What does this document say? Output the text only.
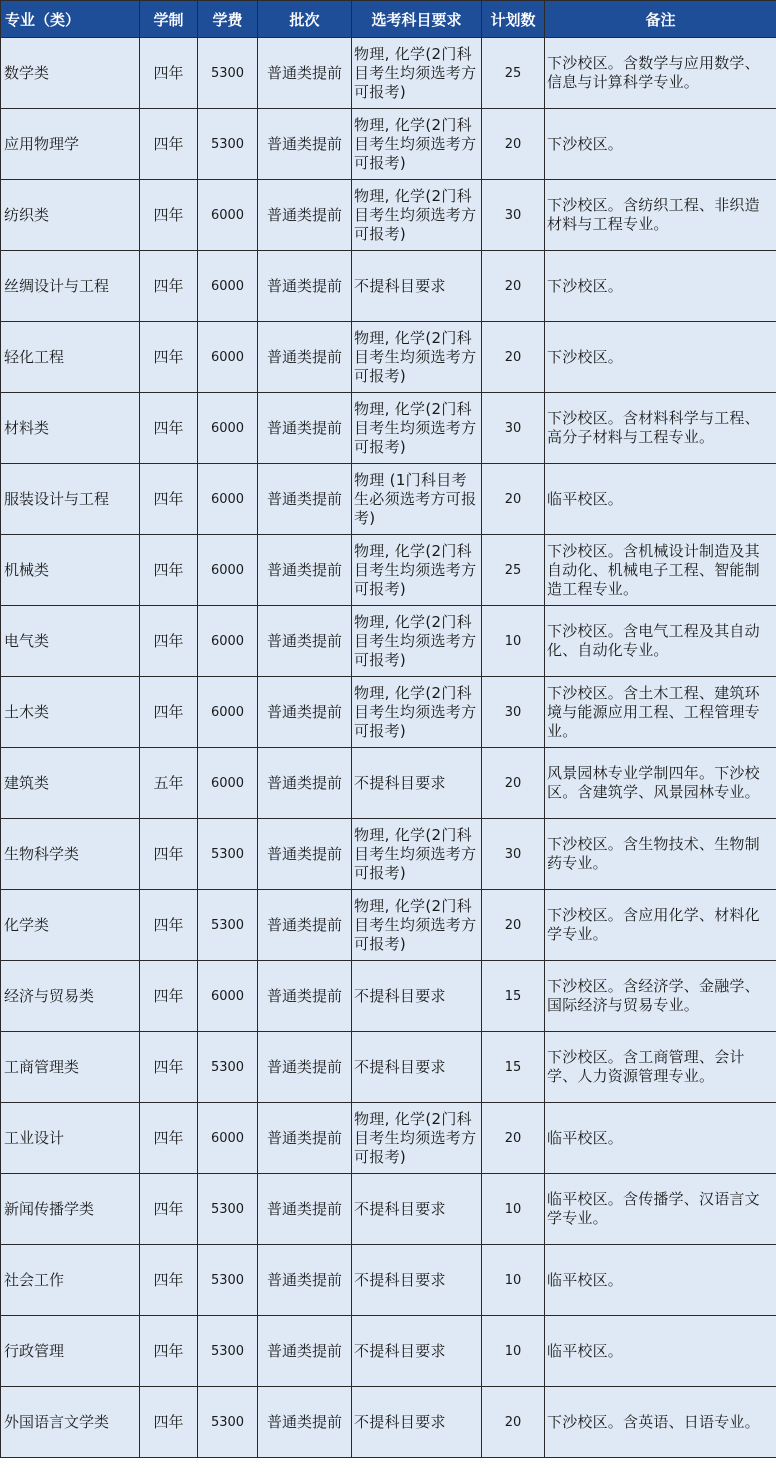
专业（类）	学制	学费	批次	选考科目要求	计划数	备注
数学类	四年	5300	普通类提前	物理, 化学(2门科目考生均须选考方可报考)	25	下沙校区。含数学与应用数学、信息与计算科学专业。
应用物理学	四年	5300	普通类提前	物理, 化学(2门科目考生均须选考方可报考)	20	下沙校区。
纺织类	四年	6000	普通类提前	物理, 化学(2门科目考生均须选考方可报考)	30	下沙校区。含纺织工程、非织造材料与工程专业。
丝绸设计与工程	四年	6000	普通类提前	不提科目要求	20	下沙校区。
轻化工程	四年	6000	普通类提前	物理, 化学(2门科目考生均须选考方可报考)	20	下沙校区。
材料类	四年	6000	普通类提前	物理, 化学(2门科目考生均须选考方可报考)	30	下沙校区。含材料科学与工程、高分子材料与工程专业。
服装设计与工程	四年	6000	普通类提前	物理 (1门科目考生必须选考方可报考)	20	临平校区。
机械类	四年	6000	普通类提前	物理, 化学(2门科目考生均须选考方可报考)	25	下沙校区。含机械设计制造及其自动化、机械电子工程、智能制造工程专业。
电气类	四年	6000	普通类提前	物理, 化学(2门科目考生均须选考方可报考)	10	下沙校区。含电气工程及其自动化、自动化专业。
土木类	四年	6000	普通类提前	物理, 化学(2门科目考生均须选考方可报考)	30	下沙校区。含土木工程、建筑环境与能源应用工程、工程管理专业。
建筑类	五年	6000	普通类提前	不提科目要求	20	风景园林专业学制四年。下沙校区。含建筑学、风景园林专业。
生物科学类	四年	5300	普通类提前	物理, 化学(2门科目考生均须选考方可报考)	30	下沙校区。含生物技术、生物制药专业。
化学类	四年	5300	普通类提前	物理, 化学(2门科目考生均须选考方可报考)	20	下沙校区。含应用化学、材料化学专业。
经济与贸易类	四年	6000	普通类提前	不提科目要求	15	下沙校区。含经济学、金融学、国际经济与贸易专业。
工商管理类	四年	5300	普通类提前	不提科目要求	15	下沙校区。含工商管理、会计学、人力资源管理专业。
工业设计	四年	6000	普通类提前	物理, 化学(2门科目考生均须选考方可报考)	20	临平校区。
新闻传播学类	四年	5300	普通类提前	不提科目要求	10	临平校区。含传播学、汉语言文学专业。
社会工作	四年	5300	普通类提前	不提科目要求	10	临平校区。
行政管理	四年	5300	普通类提前	不提科目要求	10	临平校区。
外国语言文学类	四年	5300	普通类提前	不提科目要求	20	下沙校区。含英语、日语专业。
